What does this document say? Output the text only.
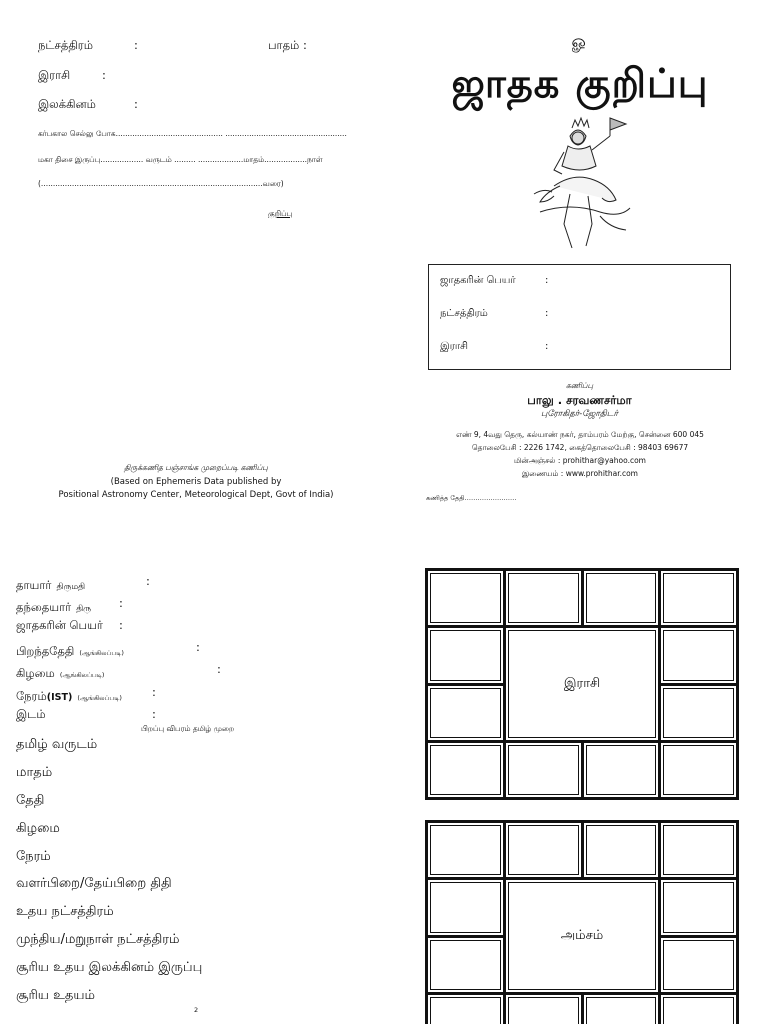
நட்சத்திரம்	:	பாதம் :
இராசி	:
இலக்கினம்	:
கர்பகால செல்லு போக............................................. ...................................................
மகா திசை இருப்பு.................. வருடம் ......... ...................மாதம்..................நாள்
(.............................................................................................வரை)
குறிப்பு
திருக்கணித பஞ்சாங்க முறைப்படி கணிப்பு
(Based on Ephemeris Data published by
Positional Astronomy Center, Meteorological Dept, Govt of India)
ௐ
ஜாதக குறிப்பு
ஜாதகரின் பெயர்	:
நட்சத்திரம்	:
இராசி	:
கணிப்பு
பாலு . சரவணசர்மா
புரோகிதர்-ஜோதிடர்
எண் 9, 4வது தெரு, கல்யாண் நகர், தாம்பரம் மேற்கு, சென்னை 600 045
தொலைபேசி : 2226 1742, கைத்தொலைபேசி : 98403 69677
மின்அஞ்சல் : prohithar@yahoo.com
இணையம் : www.prohithar.com
கணித்த தேதி……………………
தாயார் திருமதி	:
தந்தையார் திரு :
ஜாதகரின் பெயர் :
பிறந்ததேதி (ஆங்கிலப்படி)	:
கிழமை (ஆங்கிலப்படி)	:
நேரம்(IST) (ஆங்கிலப்படி)	:
இடம்	:
பிறப்பு விபரம் தமிழ் முறை
தமிழ் வருடம்
மாதம்
தேதி
கிழமை
நேரம்
வளர்பிறை/தேய்பிறை திதி
உதய நட்சத்திரம்
முந்திய/மறுநாள் நட்சத்திரம்
சூரிய உதய இலக்கினம் இருப்பு
சூரிய உதயம்
2
இராசி
அம்சம்
